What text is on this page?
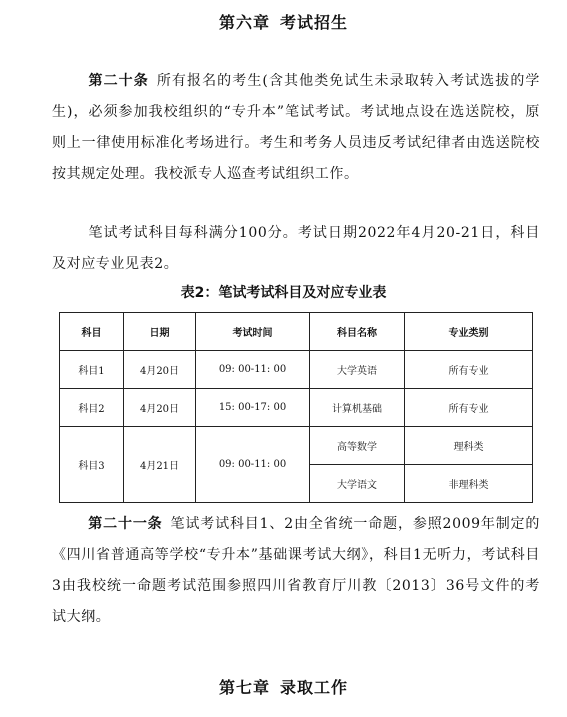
第六章 考试招生

第二十条 所有报名的考生(含其他类免试生未录取转入考试选拔的学生)，必须参加我校组织的“专升本”笔试考试。考试地点设在选送院校，原则上一律使用标准化考场进行。考生和考务人员违反考试纪律者由选送院校按其规定处理。我校派专人巡查考试组织工作。

笔试考试科目每科满分100分。考试日期2022年4月20-21日，科目及对应专业见表2。

表2：笔试考试科目及对应专业表
科目	日期	考试时间	科目名称	专业类别
科目1	4月20日	09: 00-11: 00	大学英语	所有专业
科目2	4月20日	15: 00-17: 00	计算机基础	所有专业
科目3	4月21日	09: 00-11: 00	高等数学	理科类
			大学语文	非理科类

第二十一条 笔试考试科目1、2由全省统一命题，参照2009年制定的《四川省普通高等学校“专升本”基础课考试大纲》，科目1无听力，考试科目3由我校统一命题考试范围参照四川省教育厅川教〔2013〕36号文件的考试大纲。

第七章 录取工作
